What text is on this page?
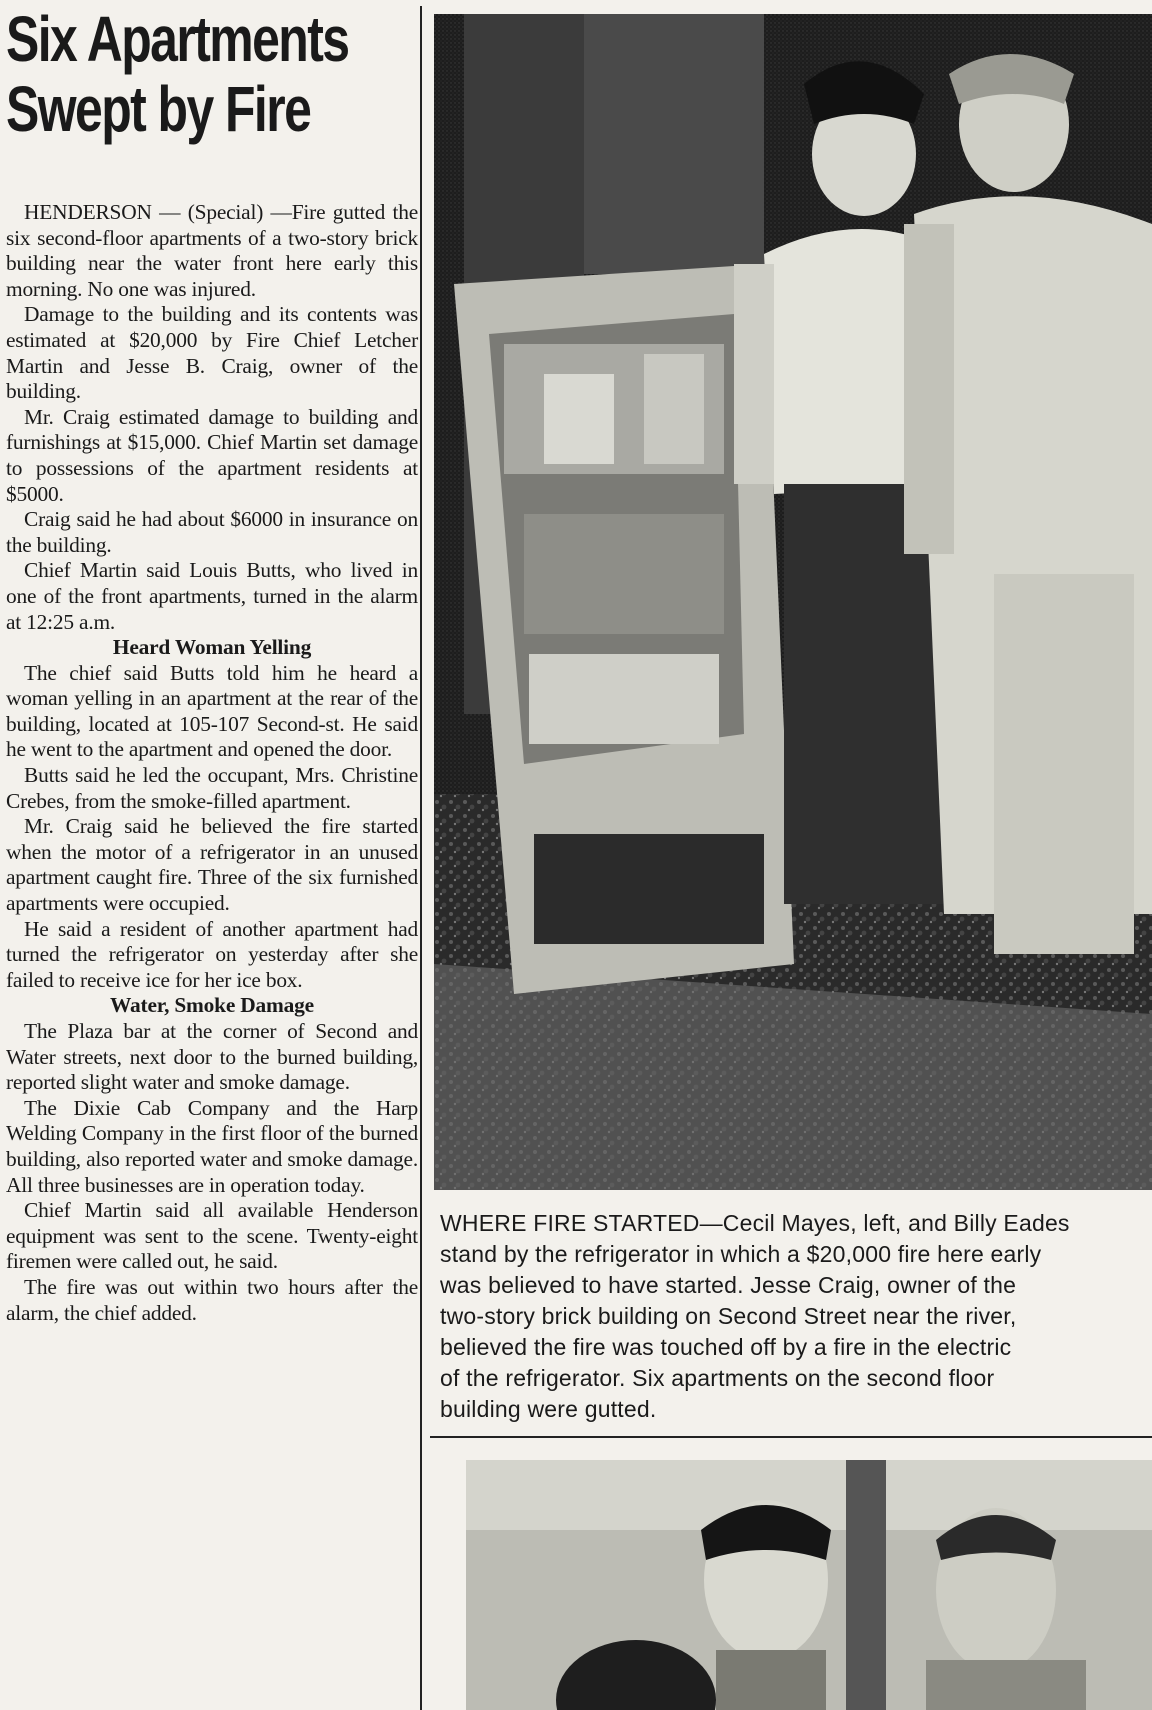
Six Apartments
Swept by Fire

HENDERSON — (Special) —Fire gutted the six second-floor apartments of a two-story brick building near the water front here early this morning. No one was injured.

Damage to the building and its contents was estimated at $20,000 by Fire Chief Letcher Martin and Jesse B. Craig, owner of the building.

Mr. Craig estimated damage to building and furnishings at $15,000. Chief Martin set damage to possessions of the apartment residents at $5000.

Craig said he had about $6000 in insurance on the building.

Chief Martin said Louis Butts, who lived in one of the front apartments, turned in the alarm at 12:25 a.m.

Heard Woman Yelling

The chief said Butts told him he heard a woman yelling in an apartment at the rear of the building, located at 105-107 Second-st. He said he went to the apartment and opened the door.

Butts said he led the occupant, Mrs. Christine Crebes, from the smoke-filled apartment.

Mr. Craig said he believed the fire started when the motor of a refrigerator in an unused apartment caught fire. Three of the six furnished apartments were occupied.

He said a resident of another apartment had turned the refrigerator on yesterday after she failed to receive ice for her ice box.

Water, Smoke Damage

The Plaza bar at the corner of Second and Water streets, next door to the burned building, reported slight water and smoke damage.

The Dixie Cab Company and the Harp Welding Company in the first floor of the burned building, also reported water and smoke damage. All three businesses are in operation today.

Chief Martin said all available Henderson equipment was sent to the scene. Twenty-eight firemen were called out, he said.

The fire was out within two hours after the alarm, the chief added.

WHERE FIRE STARTED—Cecil Mayes, left, and Billy Eades
stand by the refrigerator in which a $20,000 fire here early
was believed to have started. Jesse Craig, owner of the
two-story brick building on Second Street near the river,
believed the fire was touched off by a fire in the electric
of the refrigerator. Six apartments on the second floor
building were gutted.
